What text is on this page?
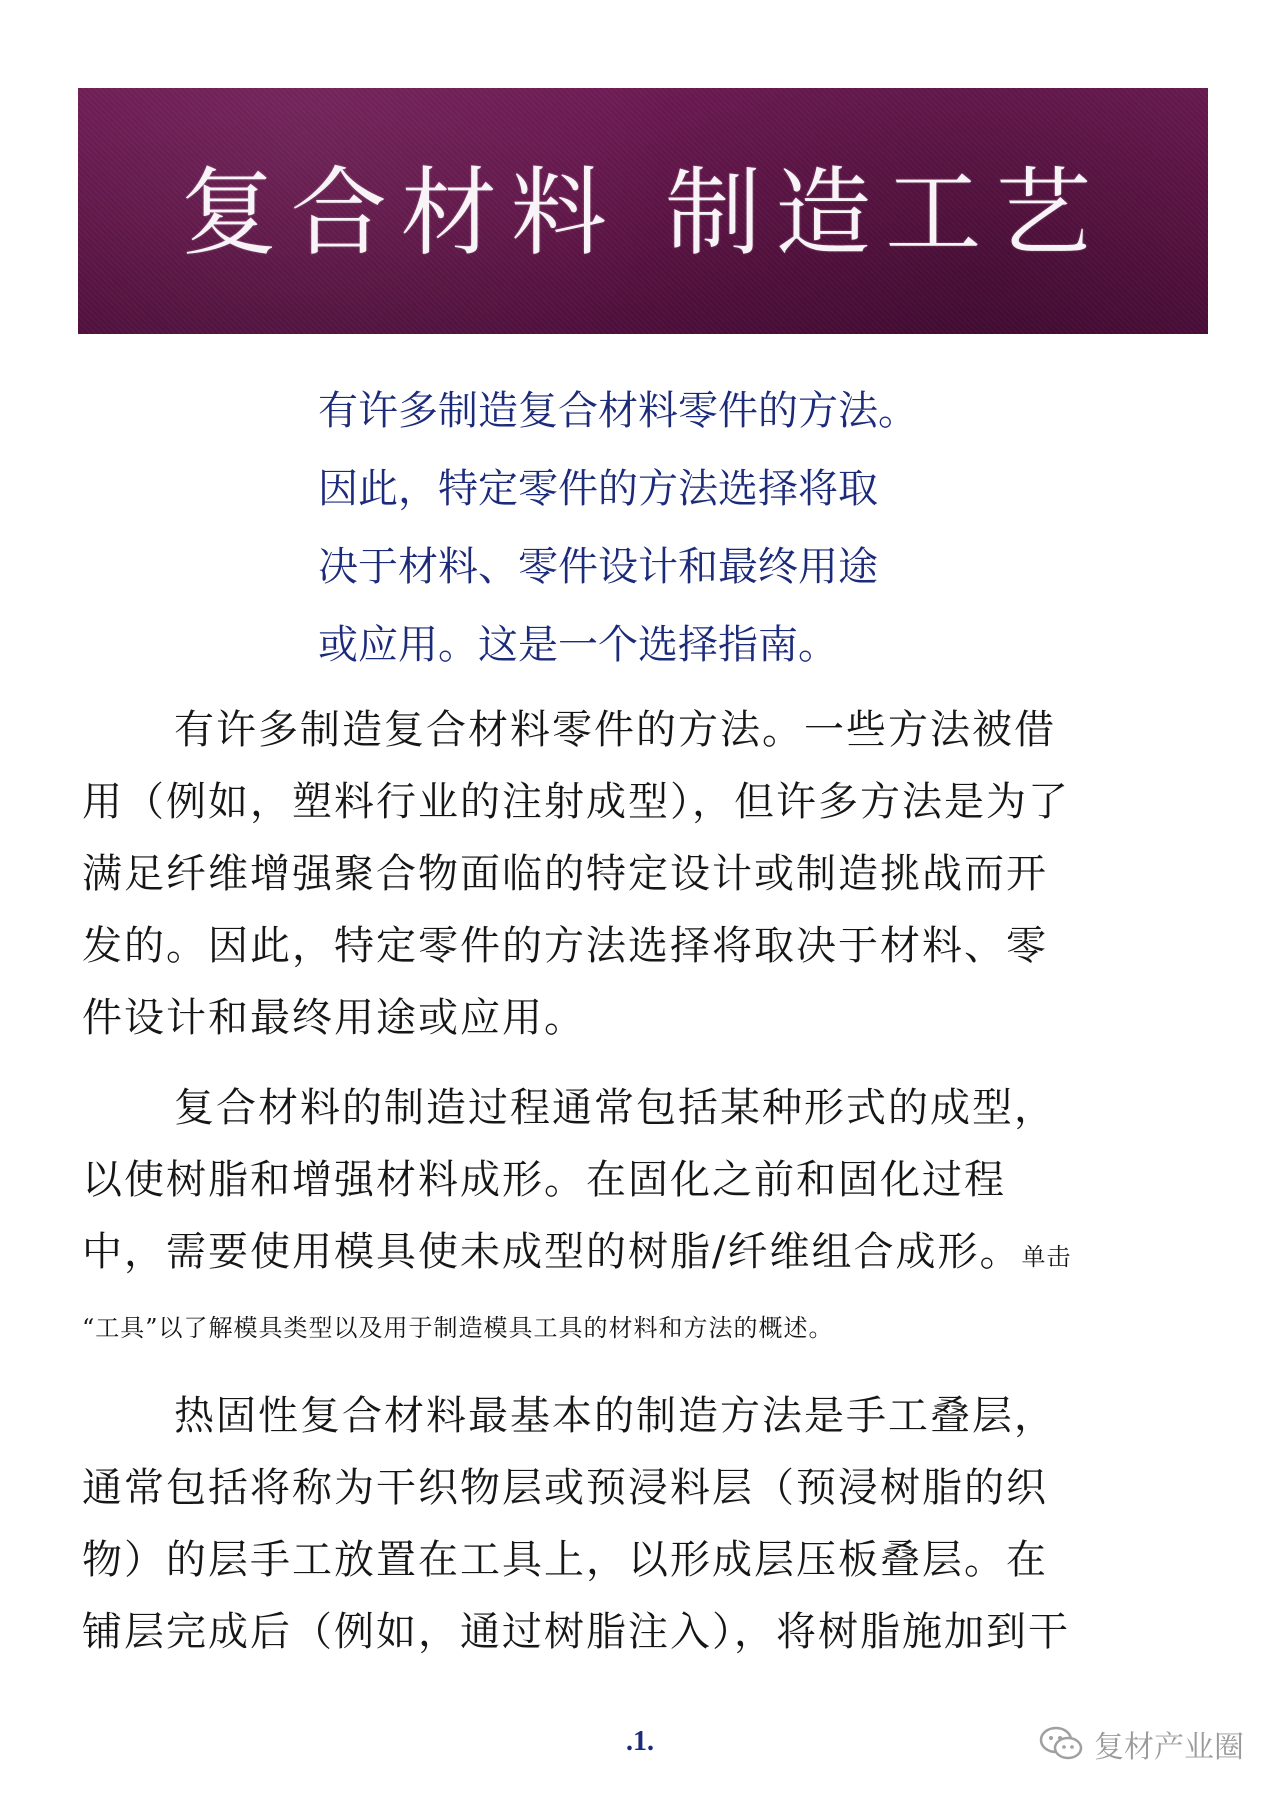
复合材料 制造工艺
有许多制造复合材料零件的方法。
因此，特定零件的方法选择将取
决于材料、零件设计和最终用途
或应用。这是一个选择指南。
有许多制造复合材料零件的方法。一些方法被借
用（例如，塑料行业的注射成型），但许多方法是为了
满足纤维增强聚合物面临的特定设计或制造挑战而开
发的。因此，特定零件的方法选择将取决于材料、零
件设计和最终用途或应用。
复合材料的制造过程通常包括某种形式的成型，
以使树脂和增强材料成形。在固化之前和固化过程
中，需要使用模具使未成型的树脂/纤维组合成形。单击
“工具”以了解模具类型以及用于制造模具工具的材料和方法的概述。
热固性复合材料最基本的制造方法是手工叠层，
通常包括将称为干织物层或预浸料层（预浸树脂的织
物）的层手工放置在工具上，以形成层压板叠层。在
铺层完成后（例如，通过树脂注入），将树脂施加到干
.1.	复材产业圈
